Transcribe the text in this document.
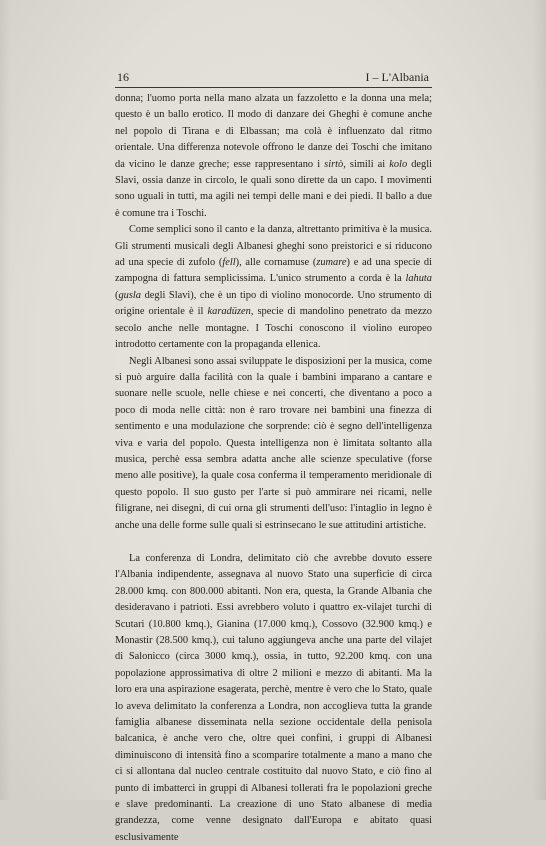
16	I – L'Albania

donna; l'uomo porta nella mano alzata un fazzoletto e la donna una mela; questo è un ballo erotico. Il modo di danzare dei Gheghi è comune anche nel popolo di Tirana e di Elbassan; ma colà è influenzato dal ritmo orientale. Una differenza notevole offrono le danze dei Toschi che imitano da vicino le danze greche; esse rappresentano i sirtò, simili ai kolo degli Slavi, ossia danze in circolo, le quali sono dirette da un capo. I movimenti sono uguali in tutti, ma agili nei tempi delle mani e dei piedi. Il ballo a due è comune tra i Toschi.

Come semplici sono il canto e la danza, altrettanto primitiva è la musica. Gli strumenti musicali degli Albanesi gheghi sono preistorici e si riducono ad una specie di zufolo (fell), alle cornamuse (zumare) e ad una specie di zampogna di fattura semplicissima. L'unico strumento a corda è la lahuta (gusla degli Slavi), che è un tipo di violino monocorde. Uno strumento di origine orientale è il karadüzen, specie di mandolino penetrato da mezzo secolo anche nelle montagne. I Toschi conoscono il violino europeo introdotto certamente con la propaganda ellenica.

Negli Albanesi sono assai sviluppate le disposizioni per la musica, come si può arguire dalla facilità con la quale i bambini imparano a cantare e suonare nelle scuole, nelle chiese e nei concerti, che diventano a poco a poco di moda nelle città: non è raro trovare nei bambini una finezza di sentimento e una modulazione che sorprende: ciò è segno dell'intelligenza viva e varia del popolo. Questa intelligenza non è limitata soltanto alla musica, perchè essa sembra adatta anche alle scienze speculative (forse meno alle positive), la quale cosa conferma il temperamento meridionale di questo popolo. Il suo gusto per l'arte si può ammirare nei ricami, nelle filigrane, nei disegni, di cui orna gli strumenti dell'uso: l'intaglio in legno è anche una delle forme sulle quali si estrinsecano le sue attitudini artistiche.

La conferenza di Londra, delimitato ciò che avrebbe dovuto essere l'Albania indipendente, assegnava al nuovo Stato una superficie di circa 28.000 kmq. con 800.000 abitanti. Non era, questa, la Grande Albania che desideravano i patrioti. Essi avrebbero voluto i quattro ex-vilajet turchi di Scutari (10.800 kmq.), Gianina (17.000 kmq.), Cossovo (32.900 kmq.) e Monastir (28.500 kmq.), cui taluno aggiungeva anche una parte del vilajet di Salonicco (circa 3000 kmq.), ossia, in tutto, 92.200 kmq. con una popolazione approssimativa di oltre 2 milioni e mezzo di abitanti. Ma la loro era una aspirazione esagerata, perchè, mentre è vero che lo Stato, quale lo aveva delimitato la conferenza a Londra, non accoglieva tutta la grande famiglia albanese disseminata nella sezione occidentale della penisola balcanica, è anche vero che, oltre quei confini, i gruppi di Albanesi diminuiscono di intensità fino a scomparire totalmente a mano a mano che ci si allontana dal nucleo centrale costituito dal nuovo Stato, e ciò fino al punto di imbatterci in gruppi di Albanesi tollerati fra le popolazioni greche e slave predominanti. La creazione di uno Stato albanese di media grandezza, come venne designato dall'Europa e abitato quasi esclusivamente
